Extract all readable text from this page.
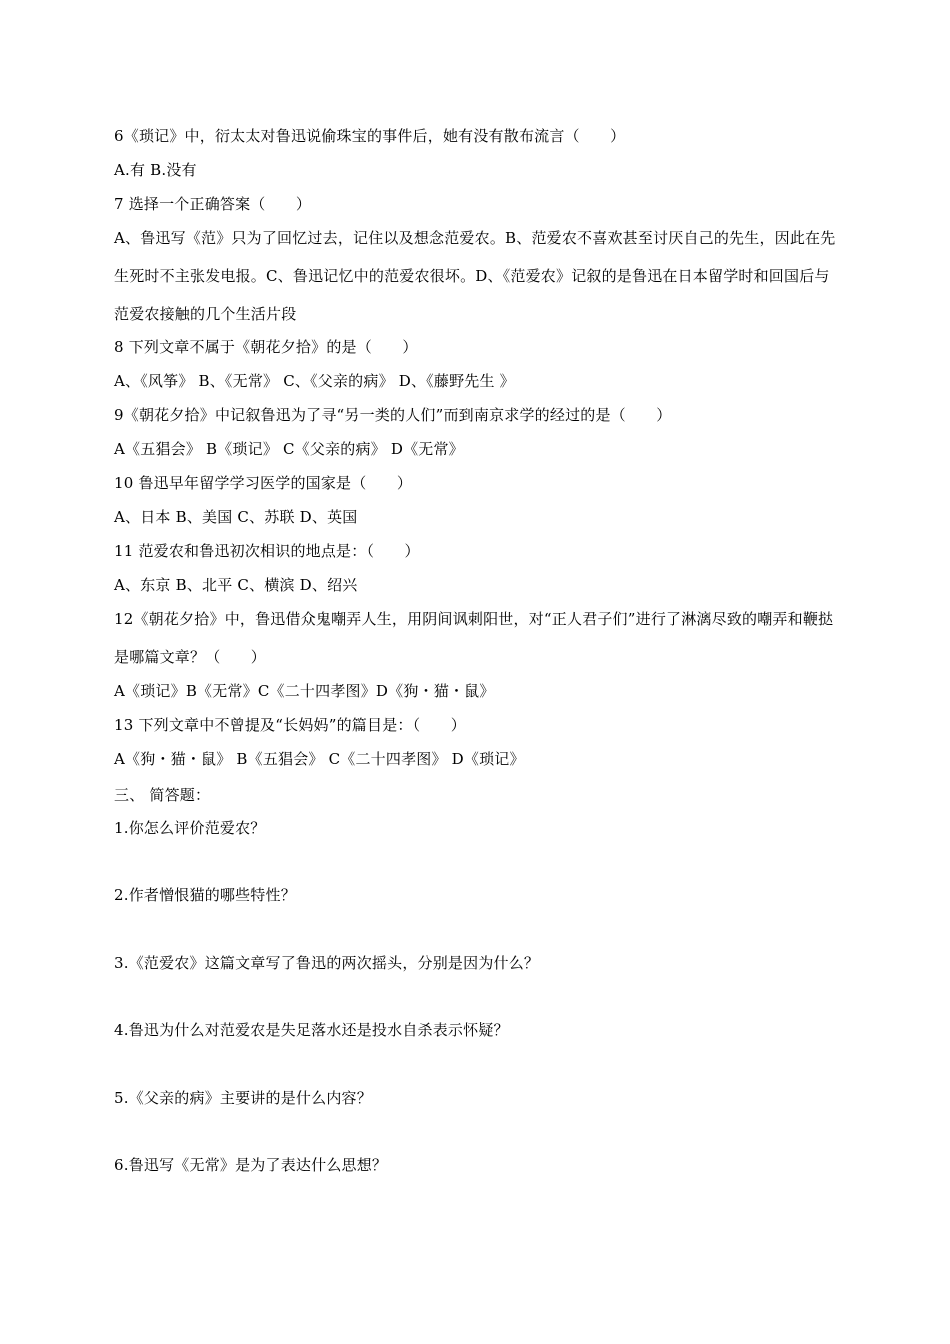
6《琐记》中，衍太太对鲁迅说偷珠宝的事件后，她有没有散布流言（　　）
A.有 B.没有
7 选择一个正确答案（　　）
A、鲁迅写《范》只为了回忆过去，记住以及想念范爱农。B、范爱农不喜欢甚至讨厌自己的先生，因此在先生死时不主张发电报。C、鲁迅记忆中的范爱农很坏。D、《范爱农》记叙的是鲁迅在日本留学时和回国后与范爱农接触的几个生活片段
8 下列文章不属于《朝花夕拾》的是（　　）
A、《风筝》 B、《无常》 C、《父亲的病》 D、《藤野先生 》
9《朝花夕拾》中记叙鲁迅为了寻“另一类的人们”而到南京求学的经过的是（　　）
A《五猖会》 B《琐记》 C《父亲的病》 D《无常》
10 鲁迅早年留学学习医学的国家是（　　）
A、日本 B、美国 C、苏联 D、英国
11 范爱农和鲁迅初次相识的地点是：（　　）
A、东京 B、北平 C、横滨 D、绍兴
12《朝花夕拾》中，鲁迅借众鬼嘲弄人生，用阴间讽刺阳世，对“正人君子们”进行了淋漓尽致的嘲弄和鞭挞是哪篇文章？（　　）
A《琐记》B《无常》C《二十四孝图》D《狗・猫・鼠》
13 下列文章中不曾提及“长妈妈”的篇目是：（　　）
A《狗・猫・鼠》 B《五猖会》 C《二十四孝图》 D《琐记》
三、 简答题：
1.你怎么评价范爱农？
2.作者憎恨猫的哪些特性？
3.《范爱农》这篇文章写了鲁迅的两次摇头，分别是因为什么？
4.鲁迅为什么对范爱农是失足落水还是投水自杀表示怀疑？
5.《父亲的病》主要讲的是什么内容？
6.鲁迅写《无常》是为了表达什么思想？
